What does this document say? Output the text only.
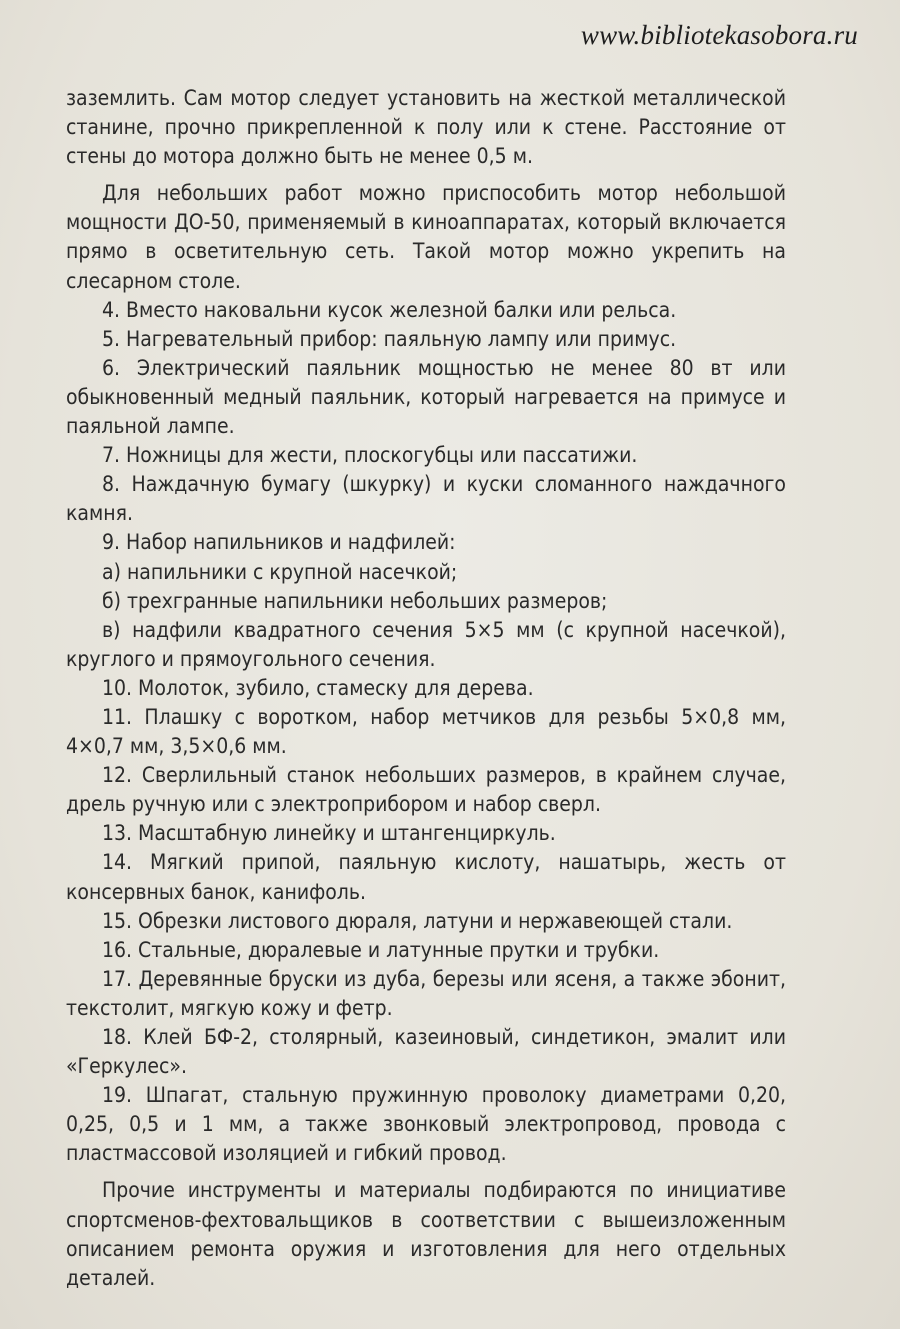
www.bibliotekasobora.ru

заземлить. Сам мотор следует установить на жесткой металлической станине, прочно прикрепленной к полу или к стене. Расстояние от стены до мотора должно быть не менее 0,5 м.

Для небольших работ можно приспособить мотор небольшой мощности ДО-50, применяемый в киноаппаратах, который включается прямо в осветительную сеть. Такой мотор можно укрепить на слесарном столе.

4. Вместо наковальни кусок железной балки или рельса.

5. Нагревательный прибор: паяльную лампу или примус.

6. Электрический паяльник мощностью не менее 80 вт или обыкновенный медный паяльник, который нагревается на примусе и паяльной лампе.

7. Ножницы для жести, плоскогубцы или пассатижи.

8. Наждачную бумагу (шкурку) и куски сломанного наждачного камня.

9. Набор напильников и надфилей:

а) напильники с крупной насечкой;

б) трехгранные напильники небольших размеров;

в) надфили квадратного сечения 5×5 мм (с крупной насечкой), круглого и прямоугольного сечения.

10. Молоток, зубило, стамеску для дерева.

11. Плашку с воротком, набор метчиков для резьбы 5×0,8 мм, 4×0,7 мм, 3,5×0,6 мм.

12. Сверлильный станок небольших размеров, в крайнем случае, дрель ручную или с электроприбором и набор сверл.

13. Масштабную линейку и штангенциркуль.

14. Мягкий припой, паяльную кислоту, нашатырь, жесть от консервных банок, канифоль.

15. Обрезки листового дюраля, латуни и нержавеющей стали.

16. Стальные, дюралевые и латунные прутки и трубки.

17. Деревянные бруски из дуба, березы или ясеня, а также эбонит, текстолит, мягкую кожу и фетр.

18. Клей БФ-2, столярный, казеиновый, синдетикон, эмалит или «Геркулес».

19. Шпагат, стальную пружинную проволоку диаметрами 0,20, 0,25, 0,5 и 1 мм, а также звонковый электропровод, провода с пластмассовой изоляцией и гибкий провод.

Прочие инструменты и материалы подбираются по инициативе спортсменов-фехтовальщиков в соответствии с вышеизложенным описанием ремонта оружия и изготовления для него отдельных деталей.
